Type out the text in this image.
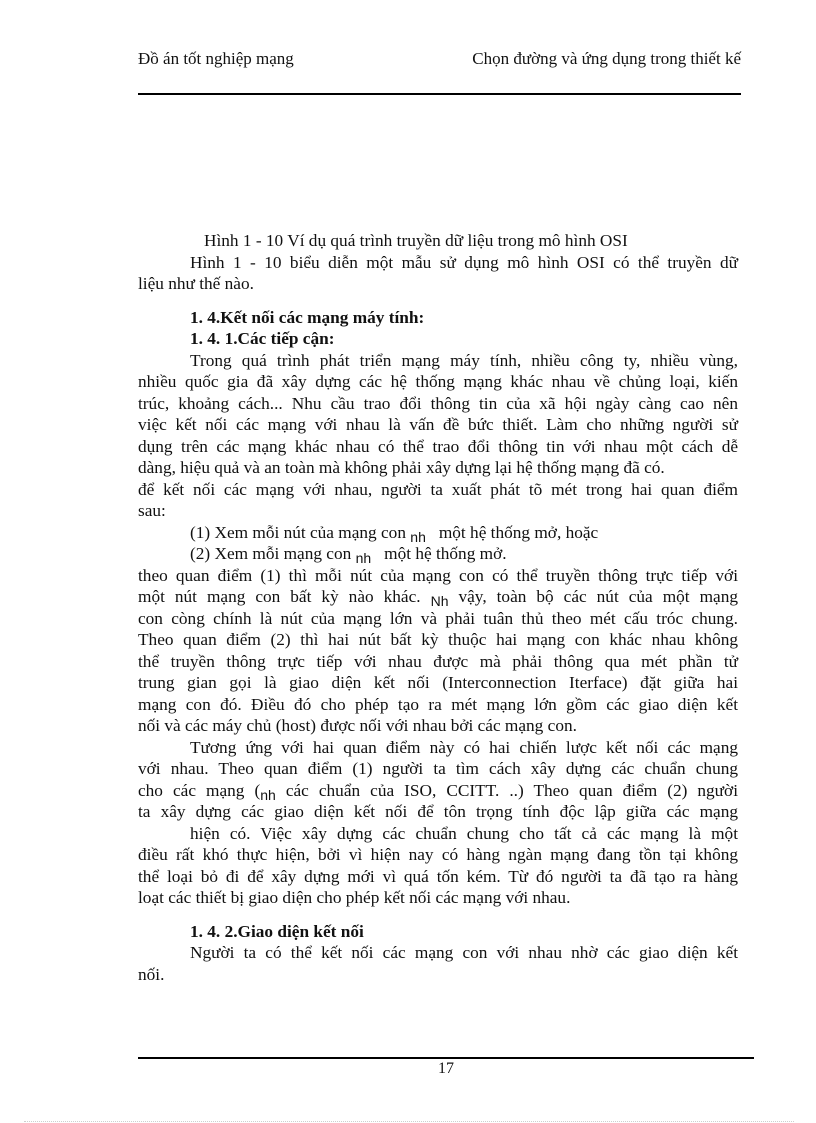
Đồ án tốt nghiệp mạng	Chọn đường và ứng dụng trong thiết kế
Hình 1 - 10 Ví dụ quá trình truyền dữ liệu trong mô hình OSI
Hình 1 - 10 biểu diễn một mẫu sử dụng mô hình OSI có thể truyền dữ
liệu như thế nào.
1. 4.Kết nối các mạng máy tính:
1. 4. 1.Các tiếp cận:
Trong quá trình phát triển mạng máy tính, nhiều công ty, nhiều vùng,
nhiều quốc gia đã xây dựng các hệ thống mạng khác nhau về chủng loại, kiến
trúc, khoảng cách... Nhu cầu trao đổi thông tin của xã hội ngày càng cao nên
việc kết nối các mạng với nhau là vấn đề bức thiết. Làm cho những người sử
dụng trên các mạng khác nhau có thể trao đổi thông tin với nhau một cách dễ
dàng, hiệu quả và an toàn mà không phải xây dựng lại hệ thống mạng đã có.
để kết nối các mạng với nhau, người ta xuất phát tõ mét trong hai quan điểm
sau:
(1) Xem mỗi nút của mạng con $_{nh}$ một hệ thống mở, hoặc
(2) Xem mỗi mạng con $_{nh}$ một hệ thống mở.
theo quan điểm (1) thì mỗi nút của mạng con có thể truyền thông trực tiếp với
một nút mạng con bất kỳ nào khác. $_{Nh}$ vậy, toàn bộ các nút của một mạng
con còng chính là nút của mạng lớn và phải tuân thủ theo mét cấu tróc chung.
Theo quan điểm (2) thì hai nút bất kỳ thuộc hai mạng con khác nhau không
thể truyền thông trực tiếp với nhau được mà phải thông qua mét phần tử
trung gian gọi là giao diện kết nối (Interconnection Iterface) đặt giữa hai
mạng con đó. Điều đó cho phép tạo ra mét mạng lớn gồm các giao diện kết
nối và các máy chủ (host) được nối với nhau bởi các mạng con.
Tương ứng với hai quan điểm này có hai chiến lược kết nối các mạng
với nhau. Theo quan điểm (1) người ta tìm cách xây dựng các chuẩn chung
cho các mạng ($_{nh}$ các chuẩn của ISO, CCITT. ..) Theo quan điểm (2) người
ta xây dựng các giao diện kết nối để tôn trọng tính độc lập giữa các mạng
hiện có. Việc xây dựng các chuẩn chung cho tất cả các mạng là một
điều rất khó thực hiện, bởi vì hiện nay có hàng ngàn mạng đang tồn tại không
thể loại bỏ đi để xây dựng mới vì quá tốn kém. Từ đó người ta đã tạo ra hàng
loạt các thiết bị giao diện cho phép kết nối các mạng với nhau.
1. 4. 2.Giao diện kết nối
Người ta có thể kết nối các mạng con với nhau nhờ các giao diện kết
nối.
17
